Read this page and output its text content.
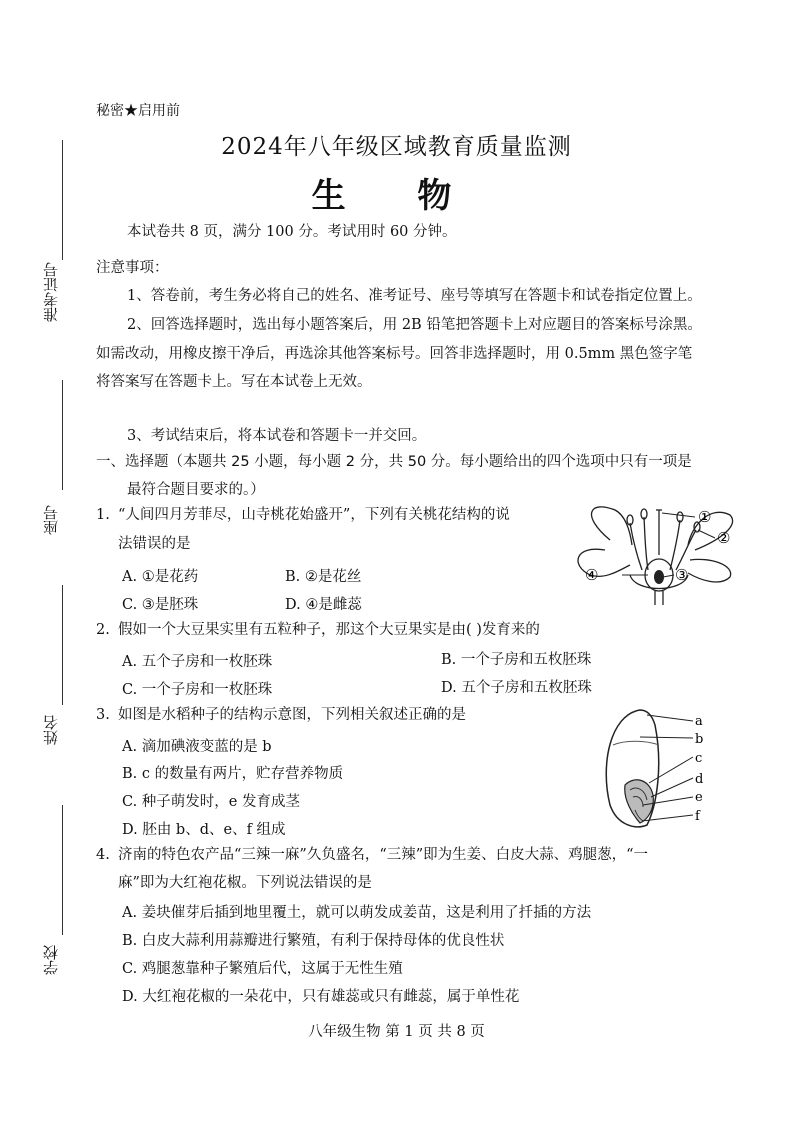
准考证号
座号
姓名
学校
秘密★启用前
2024年八年级区域教育质量监测
生 物
本试卷共 8 页，满分 100 分。考试用时 60 分钟。
注意事项：
1、答卷前，考生务必将自己的姓名、准考证号、座号等填写在答题卡和试卷指定位置上。
2、回答选择题时，选出每小题答案后，用 2B 铅笔把答题卡上对应题目的答案标号涂黑。
如需改动，用橡皮擦干净后，再选涂其他答案标号。回答非选择题时，用 0.5mm 黑色签字笔
将答案写在答题卡上。写在本试卷上无效。
3、考试结束后，将本试卷和答题卡一并交回。
一、选择题（本题共 25 小题，每小题 2 分，共 50 分。每小题给出的四个选项中只有一项是
最符合题目要求的。）
1. “人间四月芳菲尽，山寺桃花始盛开”，下列有关桃花结构的说
法错误的是
A. ①是花药	B. ②是花丝
C. ③是胚珠	D. ④是雌蕊
①
②
③
④
2. 假如一个大豆果实里有五粒种子，那这个大豆果实是由( )发育来的
A. 五个子房和一枚胚珠	B. 一个子房和五枚胚珠
C. 一个子房和一枚胚珠	D. 五个子房和五枚胚珠
3. 如图是水稻种子的结构示意图，下列相关叙述正确的是
A. 滴加碘液变蓝的是 b
B. c 的数量有两片，贮存营养物质
C. 种子萌发时，e 发育成茎
D. 胚由 b、d、e、f 组成
a
b
c
d
e
f
4. 济南的特色农产品“三辣一麻”久负盛名，“三辣”即为生姜、白皮大蒜、鸡腿葱，“一
麻”即为大红袍花椒。下列说法错误的是
A. 姜块催芽后插到地里覆土，就可以萌发成姜苗，这是利用了扦插的方法
B. 白皮大蒜利用蒜瓣进行繁殖，有利于保持母体的优良性状
C. 鸡腿葱靠种子繁殖后代，这属于无性生殖
D. 大红袍花椒的一朵花中，只有雄蕊或只有雌蕊，属于单性花
八年级生物 第 1 页 共 8 页
